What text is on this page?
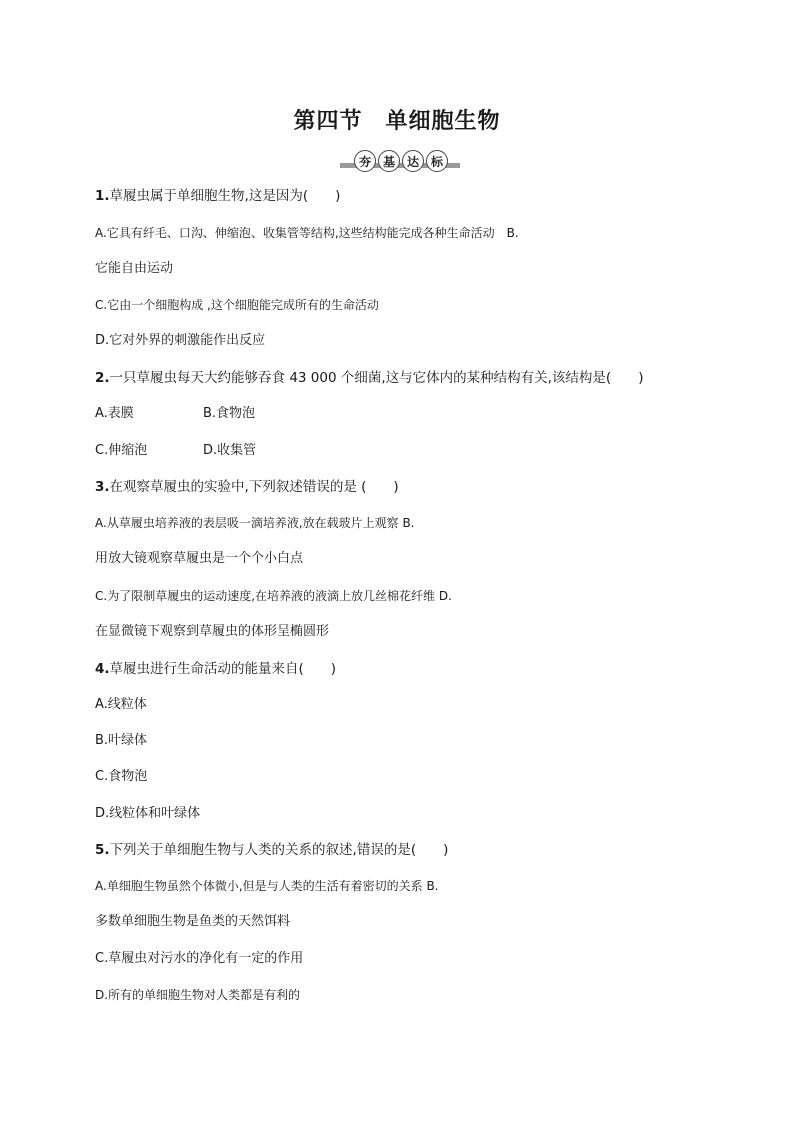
第四节　单细胞生物
夯 基 达 标
1.草履虫属于单细胞生物,这是因为(　　)
A.它具有纤毛、口沟、伸缩泡、收集管等结构,这些结构能完成各种生命活动　B.
它能自由运动
C.它由一个细胞构成 ,这个细胞能完成所有的生命活动
D.它对外界的刺激能作出反应
2.一只草履虫每天大约能够吞食 43 000 个细菌,这与它体内的某种结构有关,该结构是(　　)
A.表膜	B.食物泡
C.伸缩泡	D.收集管
3.在观察草履虫的实验中,下列叙述错误的是 (　　)
A.从草履虫培养液的表层吸一滴培养液,放在载玻片上观察 B.
用放大镜观察草履虫是一个个小白点
C.为了限制草履虫的运动速度,在培养液的液滴上放几丝棉花纤维 D.
在显微镜下观察到草履虫的体形呈椭圆形
4.草履虫进行生命活动的能量来自(　　)
A.线粒体
B.叶绿体
C.食物泡
D.线粒体和叶绿体
5.下列关于单细胞生物与人类的关系的叙述,错误的是(　　)
A.单细胞生物虽然个体微小,但是与人类的生活有着密切的关系 B.
多数单细胞生物是鱼类的天然饵料
C.草履虫对污水的净化有一定的作用
D.所有的单细胞生物对人类都是有利的
